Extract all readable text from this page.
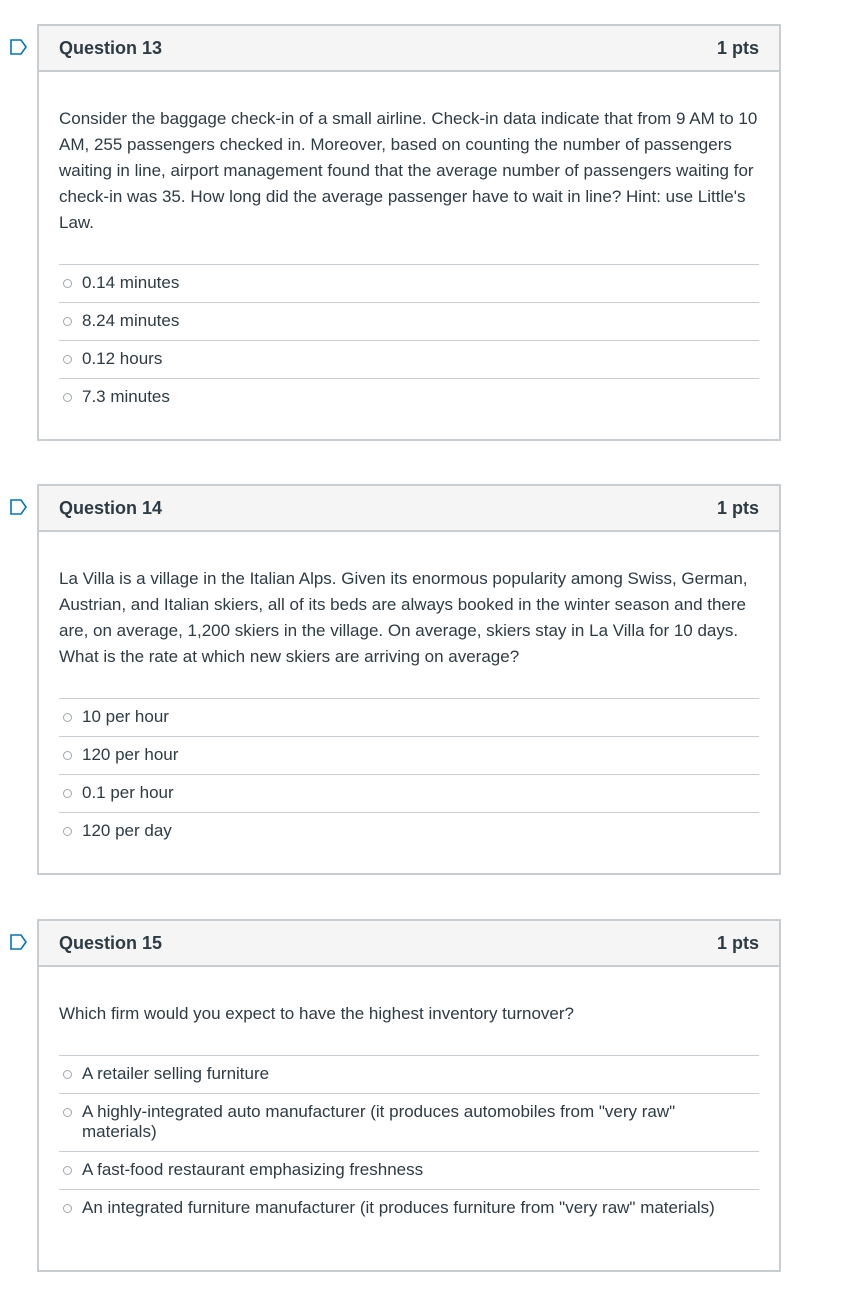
Question 13	1 pts

Consider the baggage check-in of a small airline. Check-in data indicate that from 9 AM to 10 AM, 255 passengers checked in. Moreover, based on counting the number of passengers waiting in line, airport management found that the average number of passengers waiting for check-in was 35. How long did the average passenger have to wait in line? Hint: use Little's Law.

0.14 minutes
8.24 minutes
0.12 hours
7.3 minutes
Question 14	1 pts

La Villa is a village in the Italian Alps. Given its enormous popularity among Swiss, German, Austrian, and Italian skiers, all of its beds are always booked in the winter season and there are, on average, 1,200 skiers in the village. On average, skiers stay in La Villa for 10 days. What is the rate at which new skiers are arriving on average?

10 per hour
120 per hour
0.1 per hour
120 per day
Question 15	1 pts

Which firm would you expect to have the highest inventory turnover?

A retailer selling furniture
A highly-integrated auto manufacturer (it produces automobiles from "very raw" materials)
A fast-food restaurant emphasizing freshness
An integrated furniture manufacturer (it produces furniture from "very raw" materials)
